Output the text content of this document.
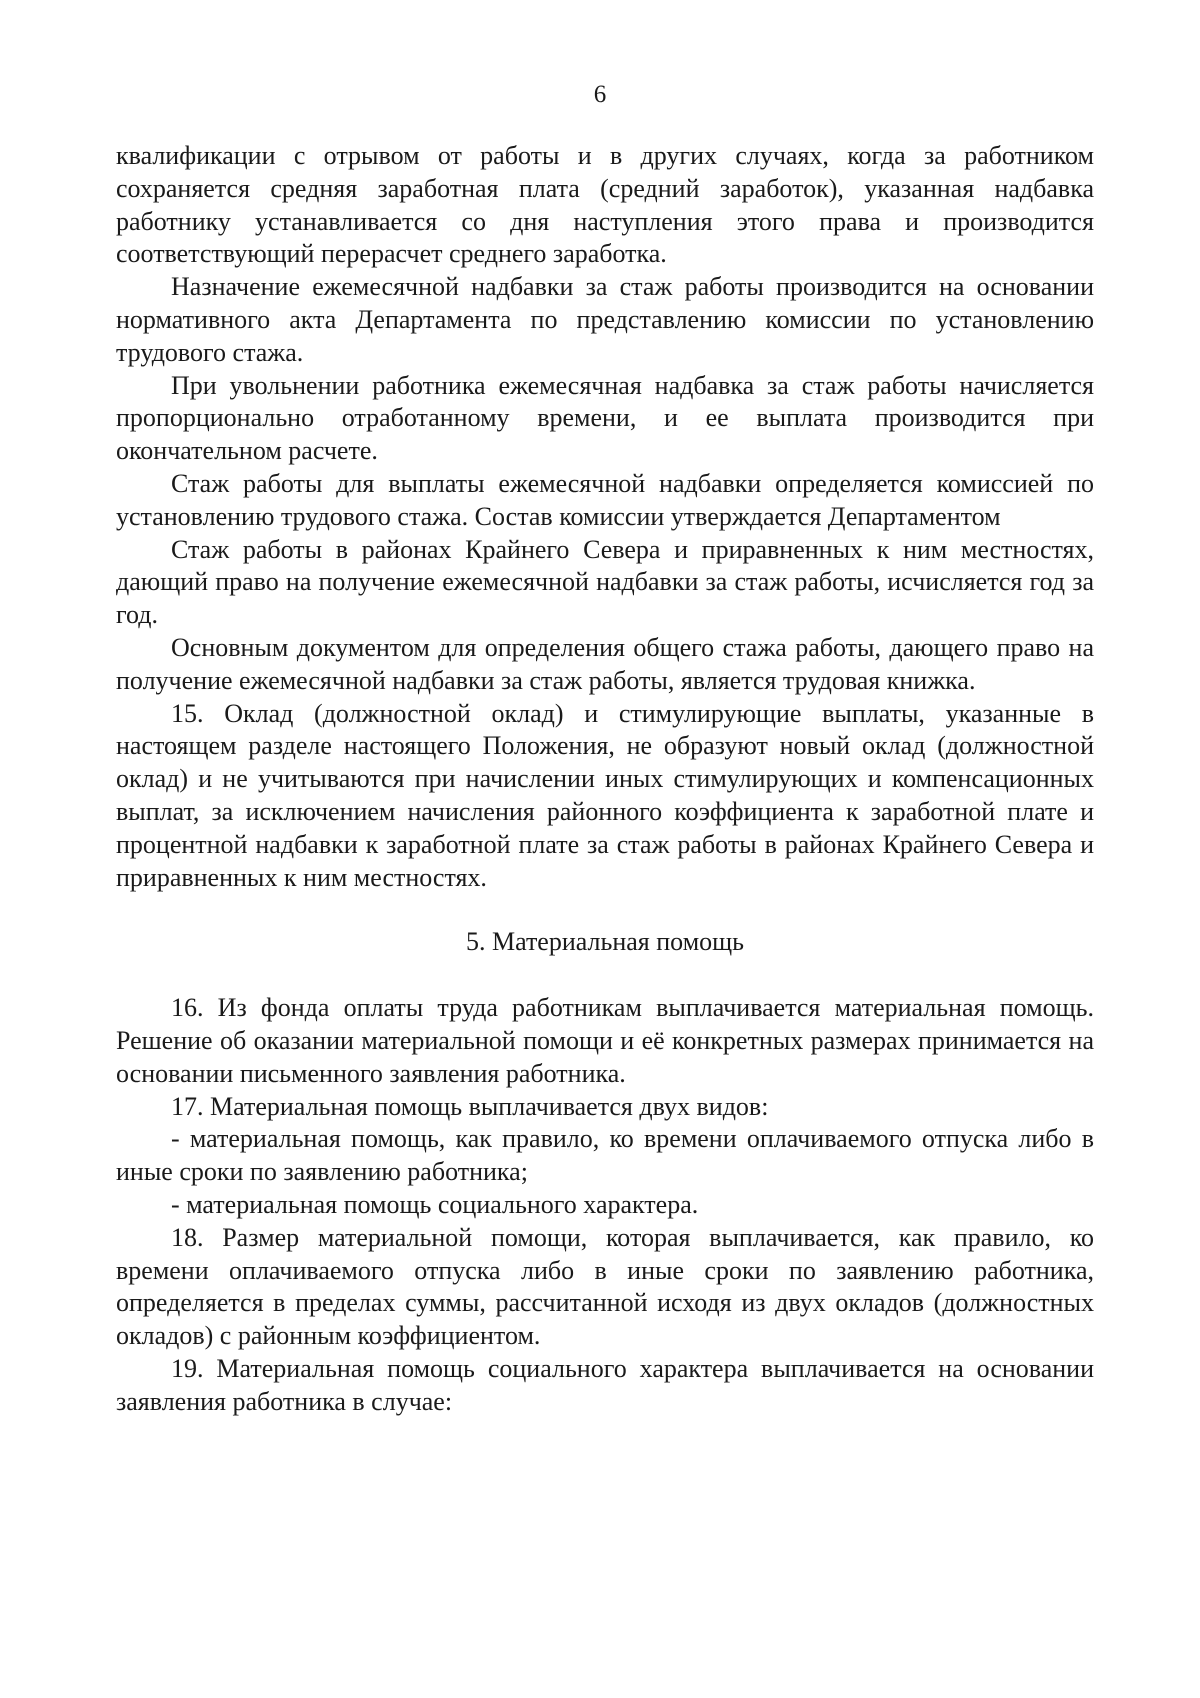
6

квалификации с отрывом от работы и в других случаях, когда за работником сохраняется средняя заработная плата (средний заработок), указанная надбавка работнику устанавливается со дня наступления этого права и производится соответствующий перерасчет среднего заработка.

Назначение ежемесячной надбавки за стаж работы производится на основании нормативного акта Департамента по представлению комиссии по установлению трудового стажа.

При увольнении работника ежемесячная надбавка за стаж работы начисляется пропорционально отработанному времени, и ее выплата производится при окончательном расчете.

Стаж работы для выплаты ежемесячной надбавки определяется комиссией по установлению трудового стажа. Состав комиссии утверждается Департаментом

Стаж работы в районах Крайнего Севера и приравненных к ним местностях, дающий право на получение ежемесячной надбавки за стаж работы, исчисляется год за год.

Основным документом для определения общего стажа работы, дающего право на получение ежемесячной надбавки за стаж работы, является трудовая книжка.

15. Оклад (должностной оклад) и стимулирующие выплаты, указанные в настоящем разделе настоящего Положения, не образуют новый оклад (должностной оклад) и не учитываются при начислении иных стимулирующих и компенсационных выплат, за исключением начисления районного коэффициента к заработной плате и процентной надбавки к заработной плате за стаж работы в районах Крайнего Севера и приравненных к ним местностях.

5. Материальная помощь

16. Из фонда оплаты труда работникам выплачивается материальная помощь. Решение об оказании материальной помощи и её конкретных размерах принимается на основании письменного заявления работника.

17. Материальная помощь выплачивается двух видов:

- материальная помощь, как правило, ко времени оплачиваемого отпуска либо в иные сроки по заявлению работника;

- материальная помощь социального характера.

18. Размер материальной помощи, которая выплачивается, как правило, ко времени оплачиваемого отпуска либо в иные сроки по заявлению работника, определяется в пределах суммы, рассчитанной исходя из двух окладов (должностных окладов) с районным коэффициентом.

19. Материальная помощь социального характера выплачивается на основании заявления работника в случае:
